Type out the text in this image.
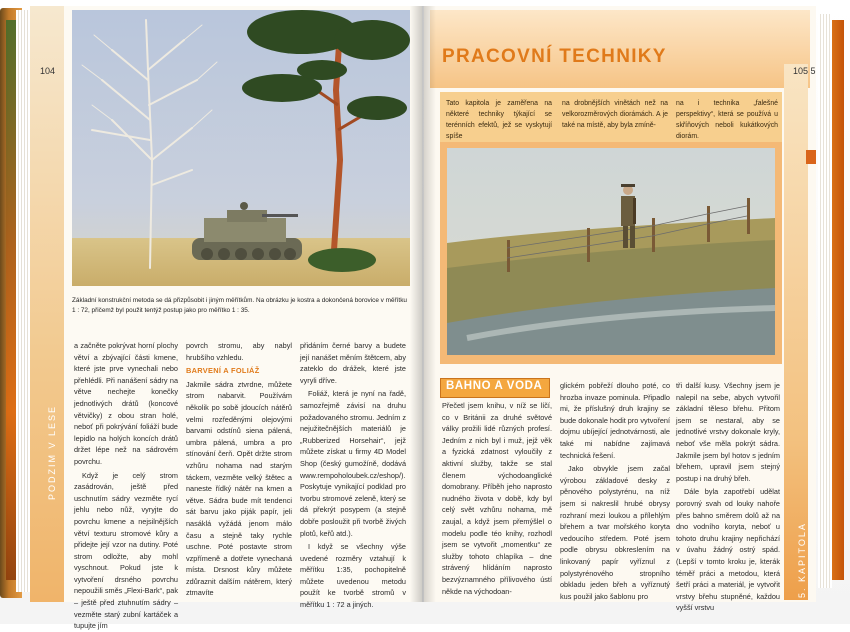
104
PODZIM V LESE
Základní konstrukční metoda se dá přizpůsobit i jiným měřítkům. Na obrázku je kostra a dokončená borovice v měřítku 1 : 72, přičemž byl použit tentýž postup jako pro měřítko 1 : 35.

a začněte pokrývat horní plochy větví a zbývající části kmene, které jste prve vynechali nebo přehlédli. Při nanášení sádry na větve nechejte konečky jednotlivých drátů (koncové větvičky) z obou stran holé, neboť při pokrývání foliáží bude lepidlo na holých koncích drátů držet lépe než na sádrovém povrchu.

Když je celý strom zasádrován, ještě před uschnutím sádry vezměte rycí jehlu nebo nůž, vyryjte do povrchu kmene a nejsilnějších větví texturu stromové kůry a přidejte její vzor na dutiny. Poté strom odložte, aby mohl vyschnout. Pokud jste k vytvoření drsného povrchu nepoužili směs „Flexi-Bark“, pak – ještě před ztuhnutím sádry – vezměte starý zubní kartáček a tupujte jím

povrch stromu, aby nabyl hrubšího vzhledu.

BARVENÍ A FOLIÁŽ

Jakmile sádra ztvrdne, můžete strom nabarvit. Používám několik po sobě jdoucích nátěrů velmi rozředěnými olejovými barvami odstínů siena pálená, umbra pálená, umbra a pro stínování čerň. Opět držte strom vzhůru nohama nad starým táckem, vezměte velký štětec a naneste řídký nátěr na kmen a větve. Sádra bude mít tendenci sát barvu jako piják papír, jeli nasáklá vyžádá jenom málo času a stejně taky rychle uschne. Poté postavte strom vzpřímeně a dotřete vynechaná místa. Drsnost kůry můžete zdůraznit dalším nátěrem, který ztmavíte

přidáním černé barvy a budete její nanášet měním štětcem, aby zateklo do drážek, které jste vyryli dříve.

Foliáž, která je nyní na řadě, samozřejmě závisí na druhu požadovaného stromu. Jedním z nejužitečnějších materiálů je „Rubberized Horsehair“, jejž můžete získat u firmy 4D Model Shop (český gumožíně, dodává www.rempoholoubek.cz/eshop/). Poskytuje vynikající podklad pro tvorbu stromové zeleně, který se dá překrýt posypem (a stejně dobře posloužit při tvorbě živých plotů, keřů atd.).

I když se všechny výše uvedené rozměry vztahují k měřítku 1:35, pochopitelně můžete uvedenou metodu použít ke tvorbě stromů v měřítku 1 : 72 a jiných.

PRACOVNÍ TECHNIKY
105 5
5. KAPITOLA
Tato kapitola je zaměřena na některé techniky týkající se terénních efektů, jež se vyskytují spíše
na drobnějších vinětách než na velkorozměrových diorámách. A je také na místě, aby byla zmíně-
na i technika „falešné perspektivy“, která se používá u skříňových neboli kukátkových diorám.
BAHNO A VODA

Přečetl jsem knihu, v níž se líčí, co v Británii za druhé světové války prožili lidé různých profesí. Jedním z nich byl i muž, jejž věk a fyzická zdatnost vyloučily z aktivní služby, takže se stal členem východoanglické domobrany. Příběh jeho naprosto nudného života v době, kdy byl celý svět vzhůru nohama, mě zaujal, a když jsem přemýšlel o modelu podle téo knihy, rozhodl jsem se vytvořit „momentku“ ze služby tohoto chlapíka – dne strávený hlídáním naprosto bezvýznamného přílivového ústí někde na východoan-

glickém pobřeží dlouho poté, co hrozba invaze pominula. Připadlo mi, že příslušný druh krajiny se bude dokonale hodit pro vytvoření dojmu ubíjející jednotvárnosti, ale také mi nabídne zajímavá technická řešení.

Jako obvykle jsem začal výrobou základové desky z pěnového polystyrénu, na níž jsem si nakreslil hrubé obrysy rozhraní mezi loukou a přílehlým břehem a tvar mořského koryta vedoucího středem. Poté jsem podle obrysu obkreslením na linkovaný papír vyříznul z polystyrénového stropního obkladu jeden břeh a vyříznutý kus použil jako šablonu pro

tři další kusy. Všechny jsem je nalepil na sebe, abych vytvořil základní těleso břehu. Přitom jsem se nestaral, aby se jednotlivé vrstvy dokonale kryly, neboť vše měla pokrýt sádra. Jakmile jsem byl hotov s jedním břehem, upravil jsem stejný postup i na druhý břeh.

Dále byla zapotřebí udělat porovný svah od louky nahoře přes bahno směrem dolů až na dno vodního koryta, neboť u tohoto druhu krajiny nepřichází v úvahu žádný ostrý spád. (Lepší v tomto kroku je, kterák téměř práci a metodou, která šetří práci a materiál, je vytvořit vrstvy břehu stupněné, každou vyšší vrstvu
